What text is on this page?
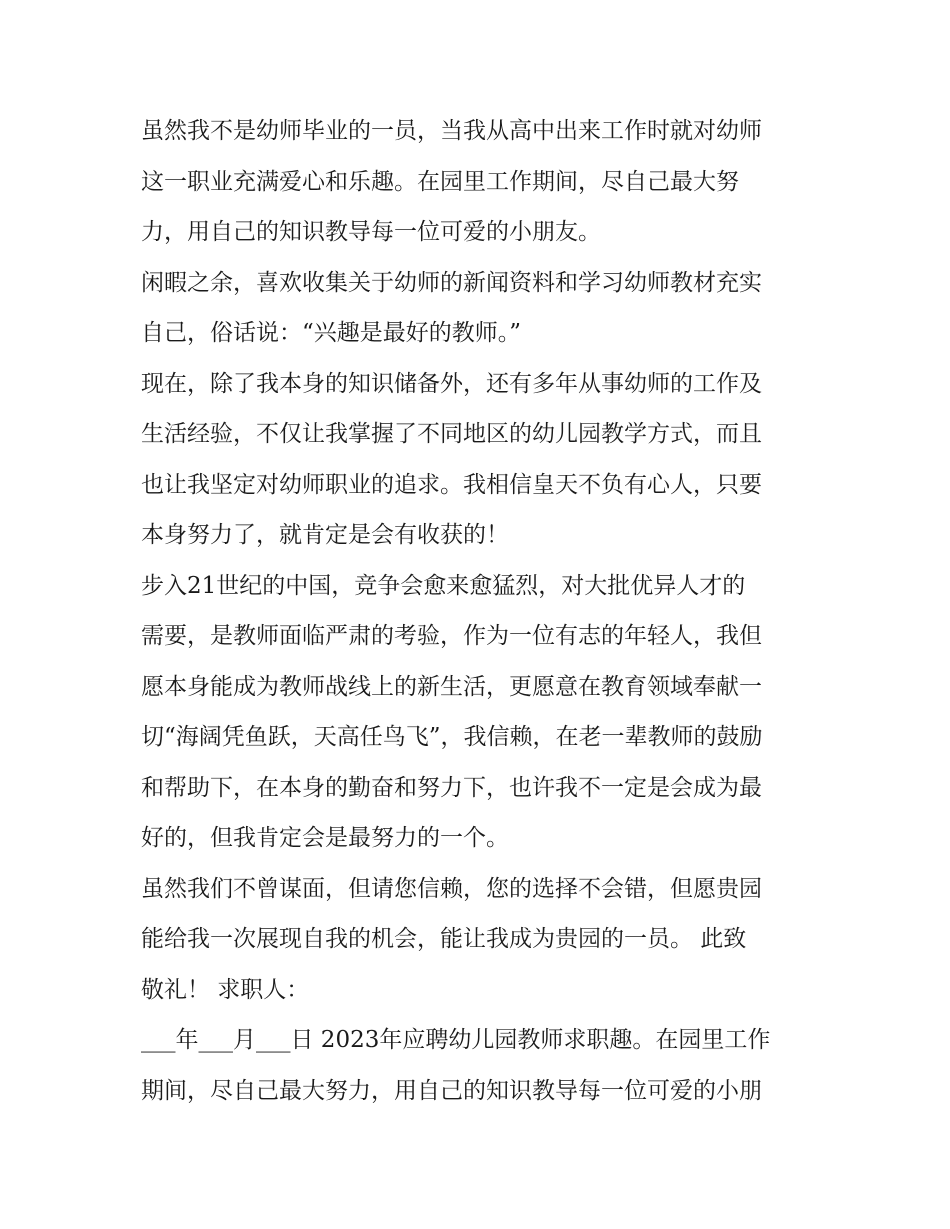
虽然我不是幼师毕业的一员，当我从高中出来工作时就对幼师
这一职业充满爱心和乐趣。在园里工作期间，尽自己最大努
力，用自己的知识教导每一位可爱的小朋友。
闲暇之余，喜欢收集关于幼师的新闻资料和学习幼师教材充实
自己，俗话说：“兴趣是最好的教师。”
现在，除了我本身的知识储备外，还有多年从事幼师的工作及
生活经验，不仅让我掌握了不同地区的幼儿园教学方式，而且
也让我坚定对幼师职业的追求。我相信皇天不负有心人，只要
本身努力了，就肯定是会有收获的！
步入21世纪的中国，竞争会愈来愈猛烈，对大批优异人才的
需要，是教师面临严肃的考验，作为一位有志的年轻人，我但
愿本身能成为教师战线上的新生活，更愿意在教育领域奉献一
切“海阔凭鱼跃，天高任鸟飞”，我信赖，在老一辈教师的鼓励
和帮助下，在本身的勤奋和努力下，也许我不一定是会成为最
好的，但我肯定会是最努力的一个。
虽然我们不曾谋面，但请您信赖，您的选择不会错，但愿贵园
能给我一次展现自我的机会，能让我成为贵园的一员。 此致
敬礼！ 求职人：
___年___月___日 2023年应聘幼儿园教师求职趣。在园里工作
期间，尽自己最大努力，用自己的知识教导每一位可爱的小朋
